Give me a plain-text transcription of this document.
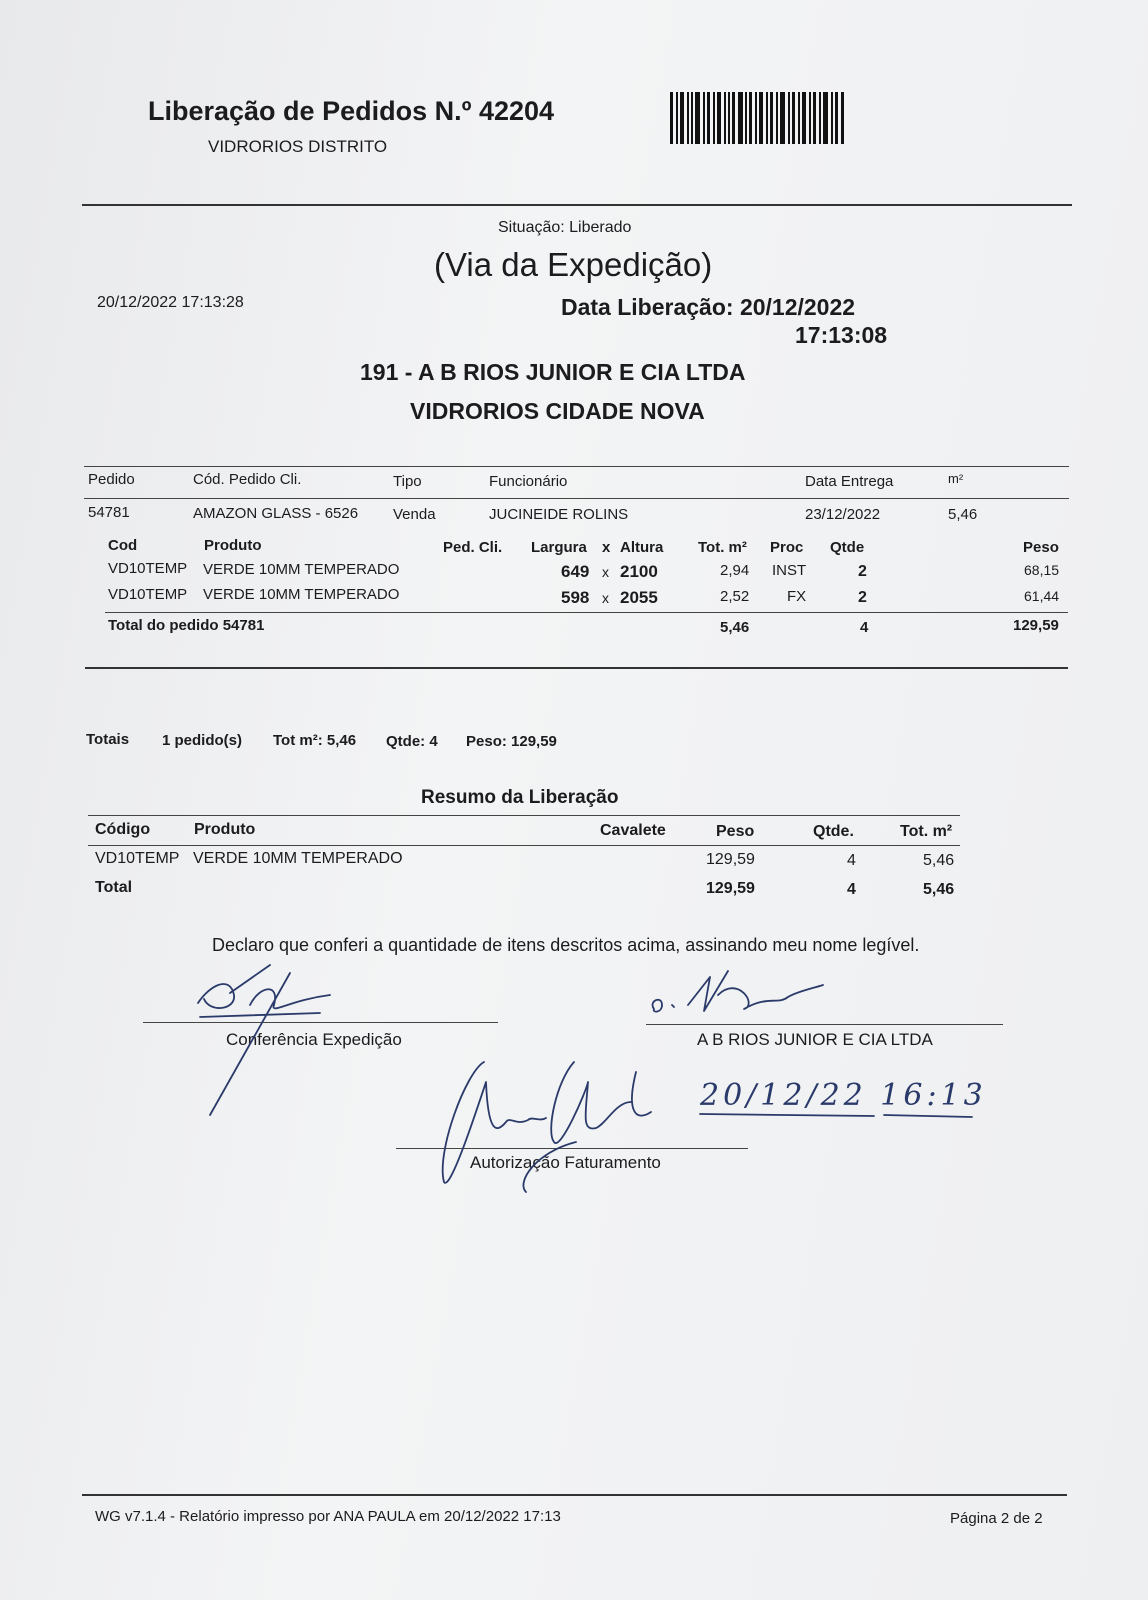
Liberação de Pedidos N.º 42204
VIDRORIOS DISTRITO
Situação: Liberado
(Via da Expedição)
20/12/2022 17:13:28	Data Liberação: 20/12/2022
17:13:08
191 - A B RIOS JUNIOR E CIA LTDA
VIDRORIOS CIDADE NOVA
Pedido	Cód. Pedido Cli.	Tipo	Funcionário	Data Entrega	m²
54781	AMAZON GLASS - 6526 Venda	JUCINEIDE ROLINS	23/12/2022	5,46
Cod	Produto	Ped. Cli. Largura x Altura Tot. m² Proc Qtde	Peso
VD10TEMP VERDE 10MM TEMPERADO	649 x 2100	2,94 INST	2	68,15
VD10TEMP VERDE 10MM TEMPERADO	598 x 2055	2,52	FX	2	61,44
Total do pedido 54781	5,46	4	129,59
Totais 1 pedido(s) Tot m²: 5,46 Qtde: 4 Peso: 129,59
Resumo da Liberação
Código	Produto	Cavalete	Peso	Qtde.	Tot. m²
VD10TEMP VERDE 10MM TEMPERADO	129,59	4	5,46
Total	129,59	4	5,46
Declaro que conferi a quantidade de itens descritos acima, assinando meu nome legível.
Conferência Expedição	A B RIOS JUNIOR E CIA LTDA
Autorização Faturamento
20/12/22 16:13
WG v7.1.4 - Relatório impresso por ANA PAULA em 20/12/2022 17:13	Página 2 de 2
